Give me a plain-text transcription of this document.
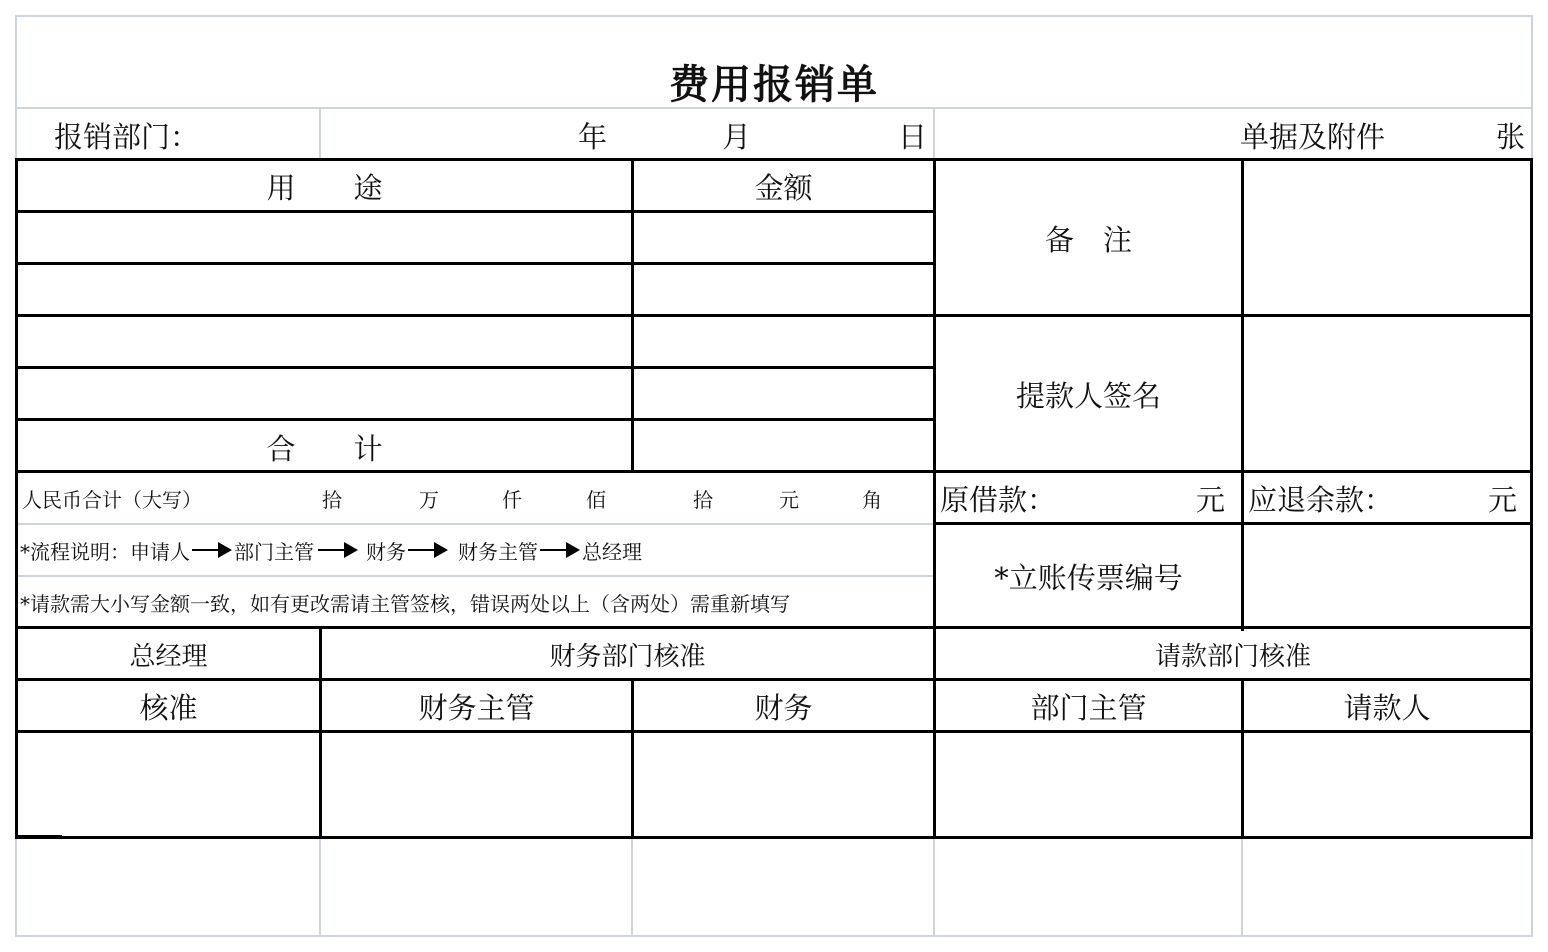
费用报销单
报销部门：	年	月	日	单据及附件	张
用　　途	金额
合　　计
备　注
提款人签名
原借款：	元 应退余款：	元
*立账传票编号
人民币合计（大写）	拾	万	仟	佰	拾	元	角
*流程说明： 申请人 部门主管	财务	财务主管 总经理
*请款需大小写金额一致，如有更改需请主管签核，错误两处以上（含两处）需重新填写
总经理	财务部门核准	请款部门核准
核准	财务主管	财务	部门主管	请款人
